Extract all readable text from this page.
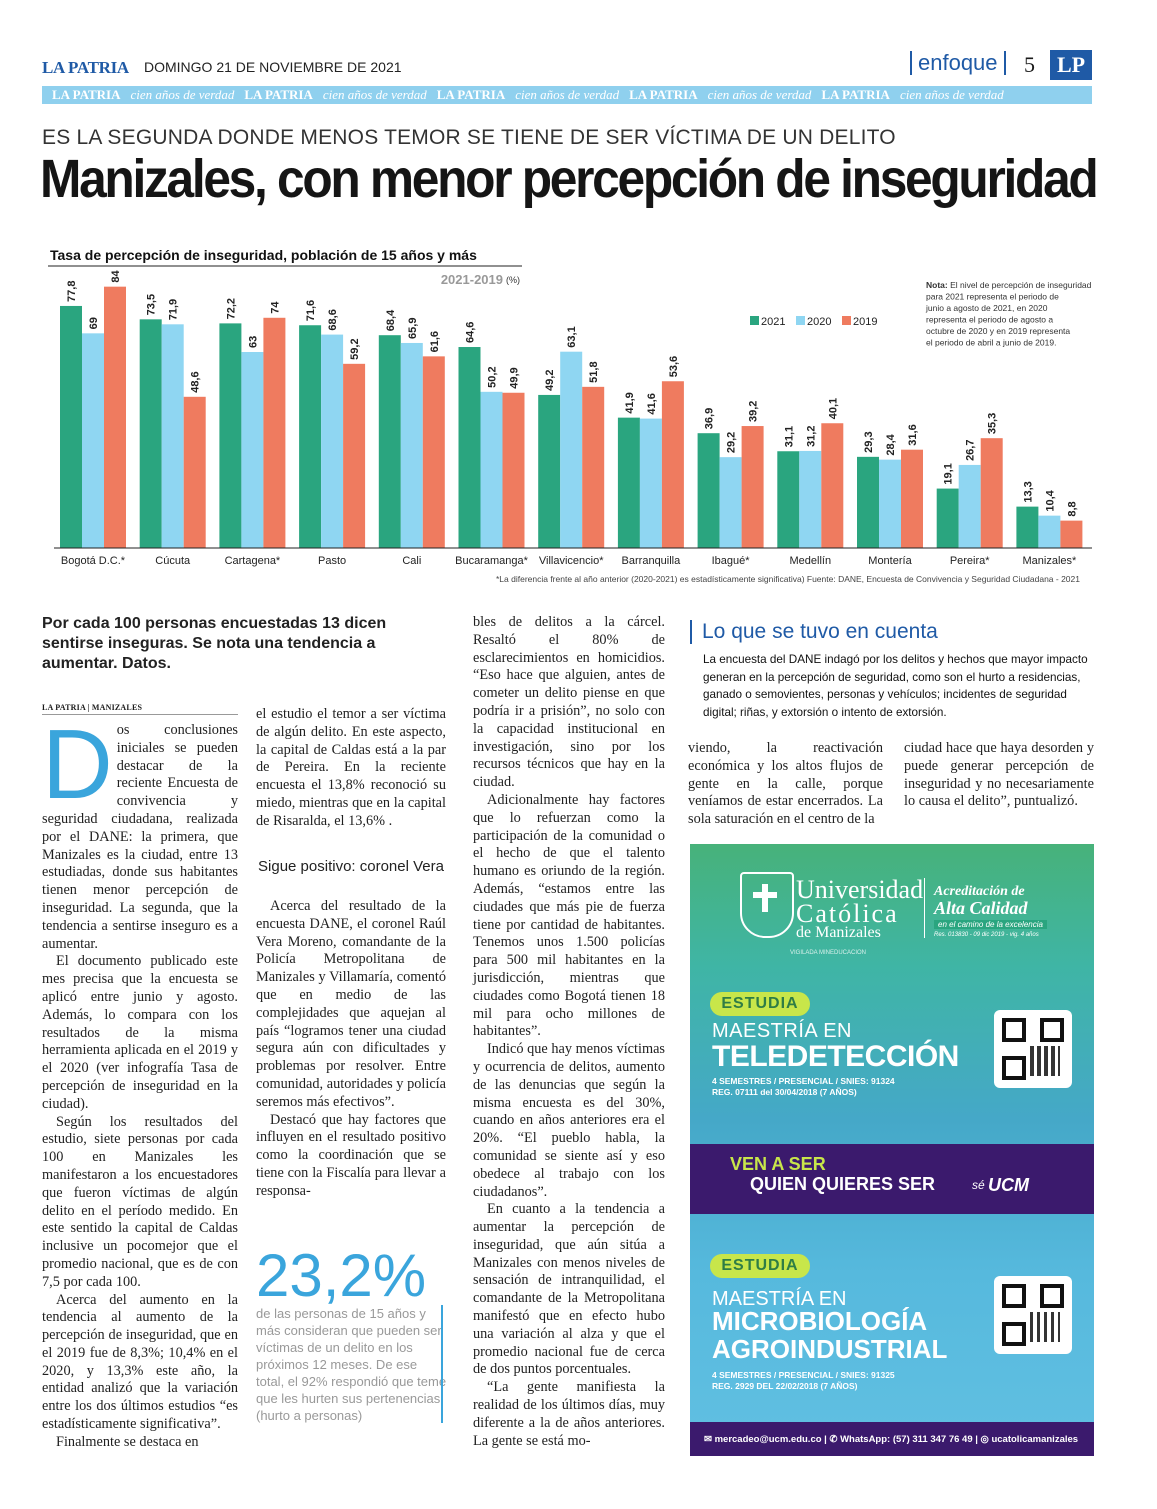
LA PATRIA DOMINGO 21 DE NOVIEMBRE DE 2021	enfoque	5 LP
LA PATRIA cien años de verdad LA PATRIA cien años de verdad LA PATRIA cien años de verdad LA PATRIA cien años de verdad LA PATRIA cien años de verdad
ES LA SEGUNDA DONDE MENOS TEMOR SE TIENE DE SER VÍCTIMA DE UN DELITO
Manizales, con menor percepción de inseguridad
Tasa de percepción de inseguridad, población de 15 años y más
2021-2019 (%)
77,8
69
84
Bogotá D.C.*
73,5 71,9
48,6
Cúcuta
72,2
63
74
Cartagena*
71,6 68,6
59,2
Pasto
68,4 65,9
61,6
Cali
64,6
50,2 49,9
Bucaramanga*
49,2
63,1
51,8
Villavicencio*
41,9 41,6
53,6
Barranquilla
36,9
29,2
39,2
Ibagué*
31,1 31,2
40,1
Medellín
29,3 28,4 31,6
Montería
19,1
26,7
35,3
Pereira*
13,3 10,4 8,8
Manizales*
2021 2020 2019
Nota: El nivel de percepción de inseguridad para 2021 representa el periodo de junio a agosto de 2021, en 2020 representa el periodo de agosto a octubre de 2020 y en 2019 representa el periodo de abril a junio de 2019.
*La diferencia frente al año anterior (2020-2021) es estadísticamente significativa) Fuente: DANE, Encuesta de Convivencia y Seguridad Ciudadana - 2021
Por cada 100 personas encuestadas 13 dicen sentirse inseguras. Se nota una tendencia a aumentar. Datos.
LA PATRIA | MANIZALES
D os conclusiones iniciales se pueden destacar de la reciente Encuesta de convivencia y seguridad ciudadana, realizada por el DANE: la primera, que Manizales es la ciudad, entre 13 estudiadas, donde sus habitantes tienen menor percepción de inseguridad. La segunda, que la tendencia a sentirse inseguro es a aumentar.

El documento publicado este mes precisa que la encuesta se aplicó entre junio y agosto. Además, lo compara con los resultados de la misma herramienta aplicada en el 2019 y el 2020 (ver infografía Tasa de percepción de inseguridad en la ciudad).

Según los resultados del estudio, siete personas por cada 100 en Manizales les manifestaron a los encuestadores que fueron víctimas de algún delito en el período medido. En este sentido la capital de Caldas inclusive un pocomejor que el promedio nacional, que es de con 7,5 por cada 100.

Acerca del aumento en la tendencia al aumento de la percepción de inseguridad, que en el 2019 fue de 8,3%; 10,4% en el 2020, y 13,3% este año, la entidad analizó que la variación entre los dos últimos estudios “es estadísticamente significativa”.

Finalmente se destaca en

el estudio el temor a ser víctima de algún delito. En este aspecto, la capital de Caldas está a la par de Pereira. En la reciente encuesta el 13,8% reconoció su miedo, mientras que en la capital de Risaralda, el 13,6% .

Sigue positivo: coronel Vera

Acerca del resultado de la encuesta DANE, el coronel Raúl Vera Moreno, comandante de la Policía Metropolitana de Manizales y Villamaría, comentó que en medio de las complejidades que aquejan al país “logramos tener una ciudad segura aún con dificultades y problemas por resolver. Entre comunidad, autoridades y policía seremos más efectivos”.

Destacó que hay factores que influyen en el resultado positivo como la coordinación que se tiene con la Fiscalía para llevar a responsa-

23,2%
de las personas de 15 años y más consideran que pueden ser víctimas de un delito en los próximos 12 meses. De ese total, el 92% respondió que teme que les hurten sus pertenencias (hurto a personas)

bles de delitos a la cárcel. Resaltó el 80% de esclarecimientos en homicidios. “Eso hace que alguien, antes de cometer un delito piense en que podría ir a prisión”, no solo con la capacidad institucional en investigación, sino por los recursos técnicos que hay en la ciudad.

Adicionalmente hay factores que lo refuerzan como la participación de la comunidad o el hecho de que el talento humano es oriundo de la región. Además, “estamos entre las ciudades que más pie de fuerza tiene por cantidad de habitantes. Tenemos unos 1.500 policías para 500 mil habitantes en la jurisdicción, mientras que ciudades como Bogotá tienen 18 mil para ocho millones de habitantes”.

Indicó que hay menos víctimas y ocurrencia de delitos, aumento de las denuncias que según la misma encuesta es del 30%, cuando en años anteriores era el 20%. “El pueblo habla, la comunidad se siente así y eso obedece al trabajo con los ciudadanos”.

En cuanto a la tendencia a aumentar la percepción de inseguridad, que aún sitúa a Manizales con menos niveles de sensación de intranquilidad, el comandante de la Metropolitana manifestó que en efecto hubo una variación al alza y que el promedio nacional fue de cerca de dos puntos porcentuales.

“La gente manifiesta la realidad de los últimos días, muy diferente a la de años anteriores. La gente se está mo-

Lo que se tuvo en cuenta
La encuesta del DANE indagó por los delitos y hechos que mayor impacto generan en la percepción de seguridad, como son el hurto a residencias, ganado o semovientes, personas y vehículos; incidentes de seguridad digital; riñas, y extorsión o intento de extorsión.

viendo, la reactivación económica y los altos flujos de gente en la calle, porque veníamos de estar encerrados. La sola saturación en el centro de la

ciudad hace que haya desorden y puede generar percepción de inseguridad y no necesariamente lo causa el delito”, puntualizó.

Universidad
Católica
de Manizales
VIGILADA MINEDUCACIÓN
Acreditación de
Alta Calidad
en el camino de la excelencia
Res. 013830 - 09 dic 2019 - vig. 4 años
ESTUDIA
MAESTRÍA EN
TELEDETECCIÓN
4 SEMESTRES / PRESENCIAL / SNIES: 91324
REG. 07111 del 30/04/2018 (7 AÑOS)
VEN A SER
QUIEN QUIERES SER	sé UCM
ESTUDIA
MAESTRÍA EN
MICROBIOLOGÍA
AGROINDUSTRIAL
4 SEMESTRES / PRESENCIAL / SNIES: 91325
REG. 2929 DEL 22/02/2018 (7 AÑOS)
✉ mercadeo@ucm.edu.co | ✆ WhatsApp: (57) 311 347 76 49 | ◎ ucatolicamanizales
